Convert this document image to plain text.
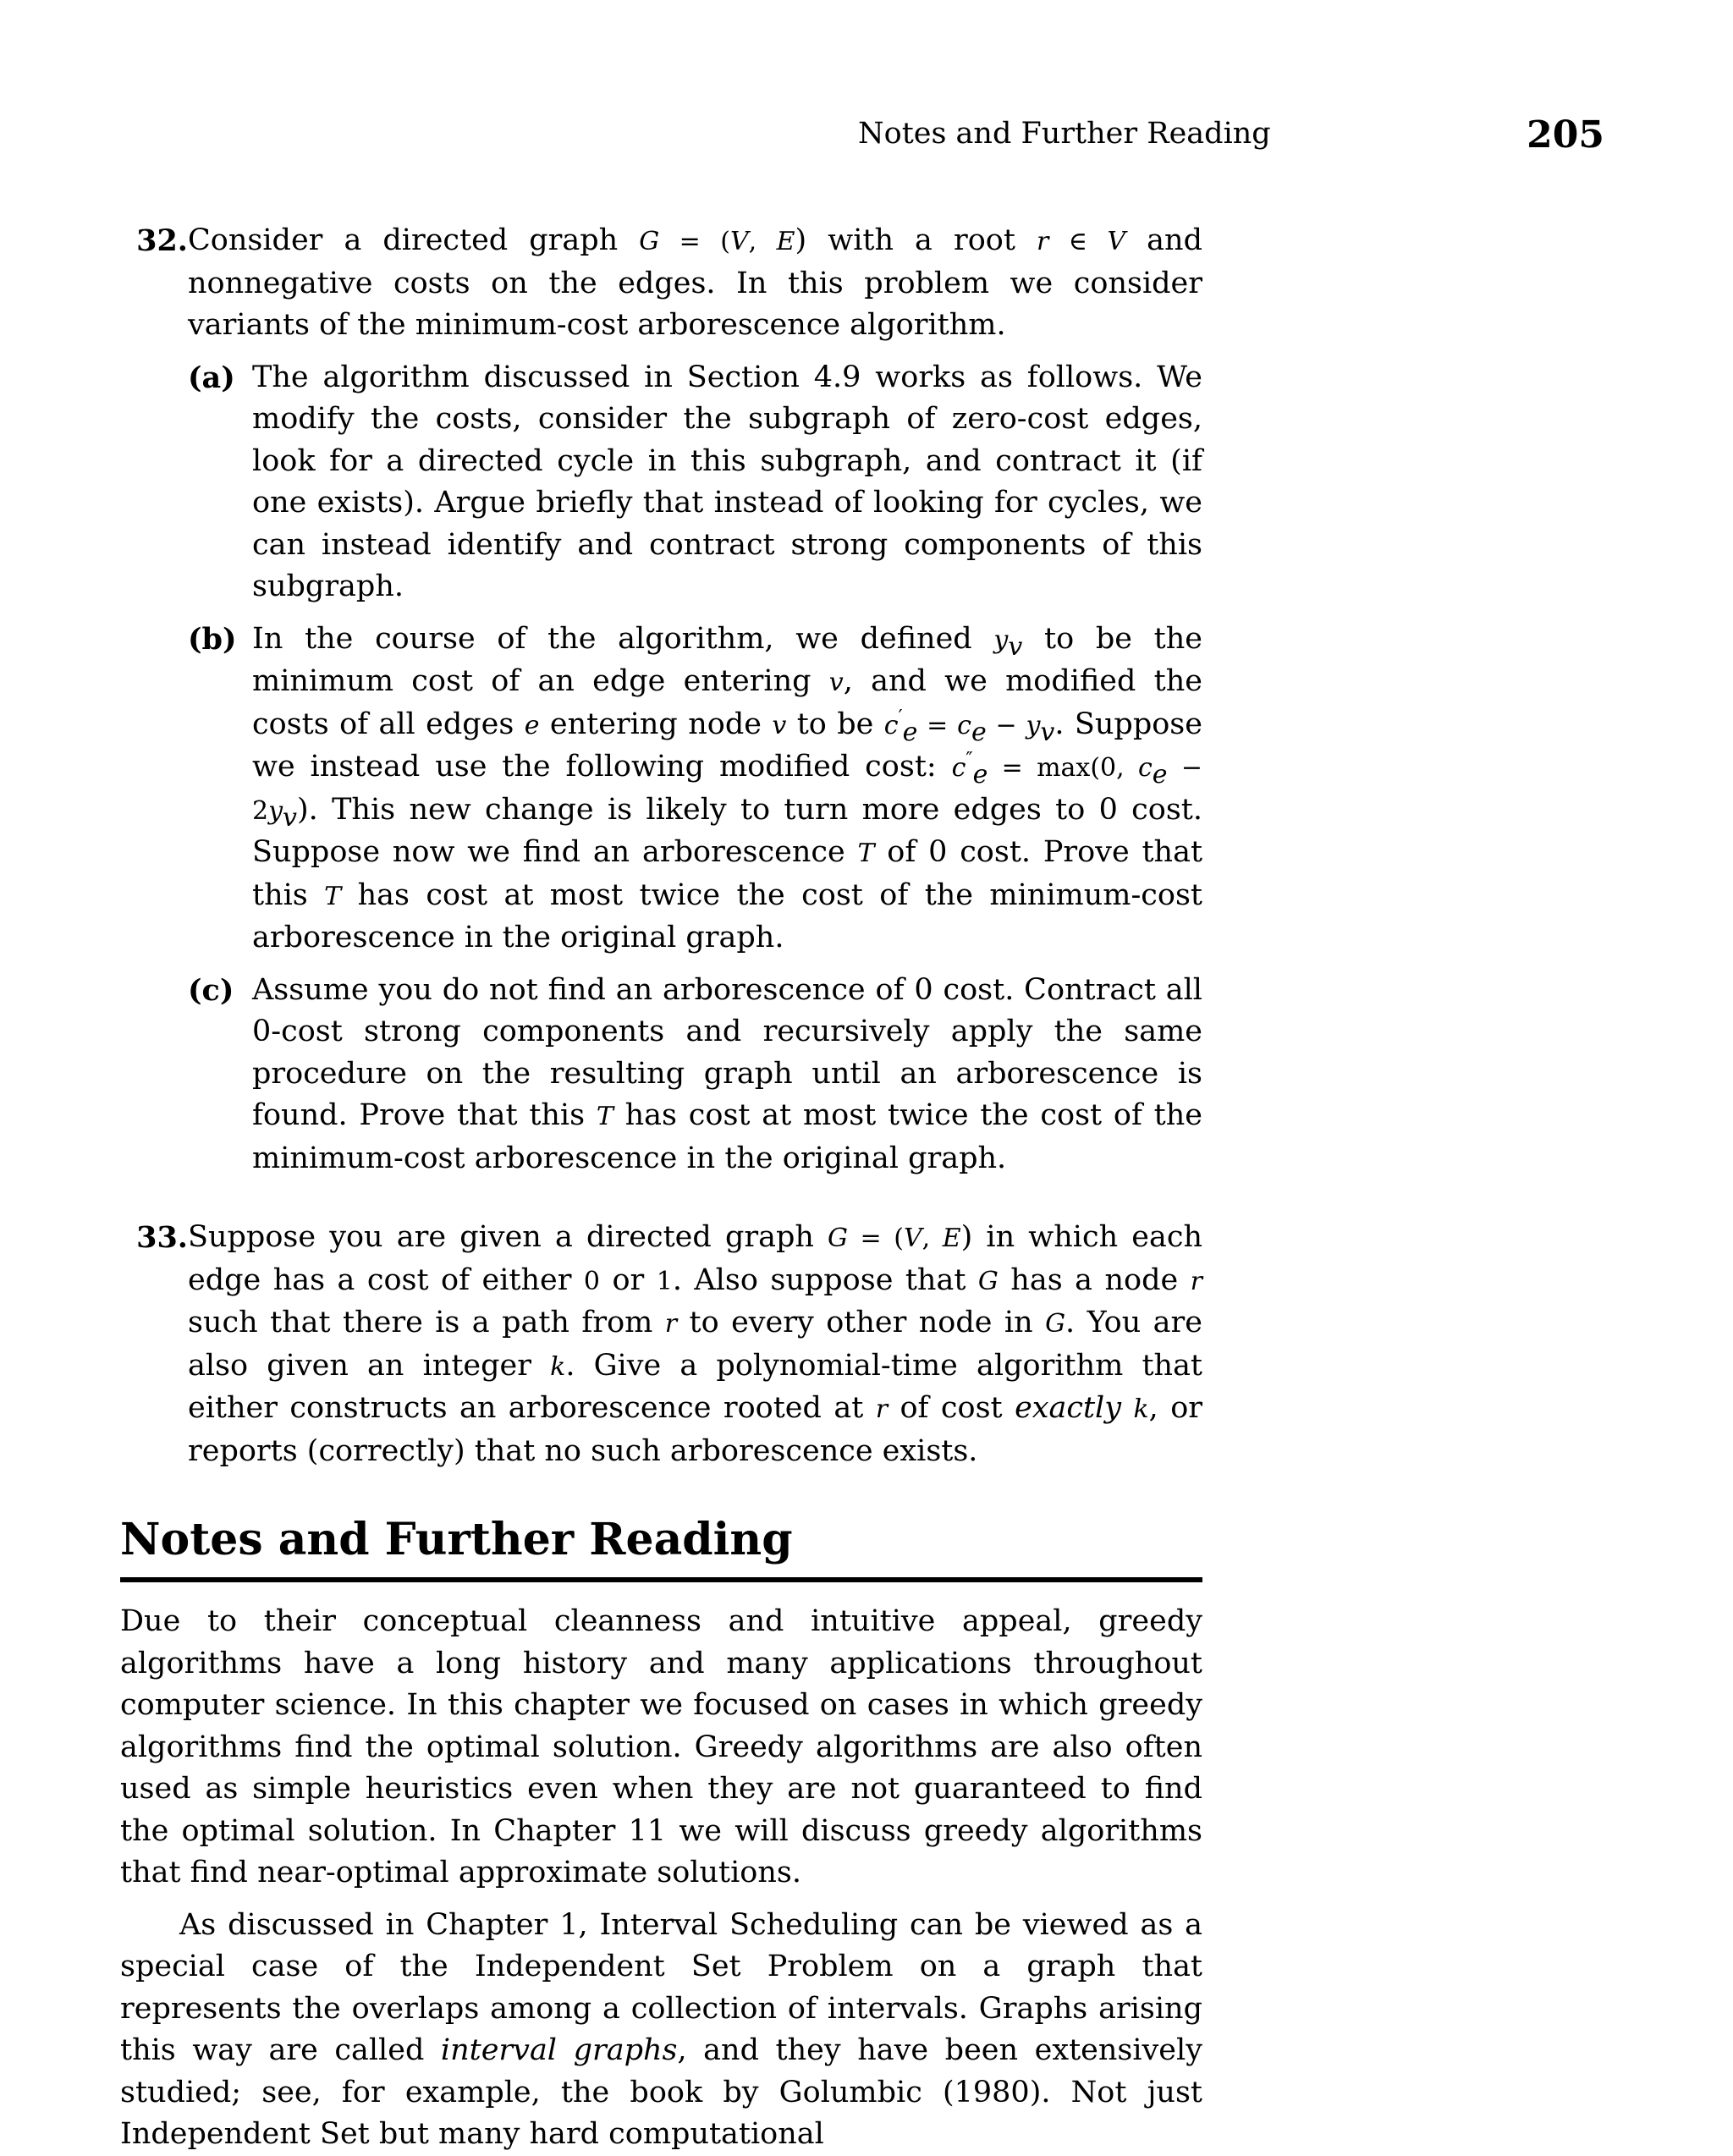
Notes and Further Reading	205
32. Consider a directed graph G = (V, E) with a root r ∈ V and nonnegative costs on the edges. In this problem we consider variants of the minimum-cost arborescence algorithm.

(a) The algorithm discussed in Section 4.9 works as follows. We modify the costs, consider the subgraph of zero-cost edges, look for a directed cycle in this subgraph, and contract it (if one exists). Argue briefly that instead of looking for cycles, we can instead identify and contract strong components of this subgraph.
(b) In the course of the algorithm, we defined $y_v$ to be the minimum cost of an edge entering v, and we modified the costs of all edges e entering node v to be $c'_e = c_e - y_v$. Suppose we instead use the following modified cost: $c''_e = \max(0$, $c_e - 2y_v$). This new change is likely to turn more edges to 0 cost. Suppose now we find an arborescence T of 0 cost. Prove that this T has cost at most twice the cost of the minimum-cost arborescence in the original graph.
(c) Assume you do not find an arborescence of 0 cost. Contract all 0-cost strong components and recursively apply the same procedure on the resulting graph until an arborescence is found. Prove that this T has cost at most twice the cost of the minimum-cost arborescence in the original graph.
33. Suppose you are given a directed graph G = (V, E) in which each edge has a cost of either 0 or 1. Also suppose that G has a node r such that there is a path from r to every other node in G. You are also given an integer k. Give a polynomial-time algorithm that either constructs an arborescence rooted at r of cost exactly k, or reports (correctly) that no such arborescence exists.
Notes and Further Reading

Due to their conceptual cleanness and intuitive appeal, greedy algorithms have a long history and many applications throughout computer science. In this chapter we focused on cases in which greedy algorithms find the optimal solution. Greedy algorithms are also often used as simple heuristics even when they are not guaranteed to find the optimal solution. In Chapter 11 we will discuss greedy algorithms that find near-optimal approximate solutions.

As discussed in Chapter 1, Interval Scheduling can be viewed as a special case of the Independent Set Problem on a graph that represents the overlaps among a collection of intervals. Graphs arising this way are called interval graphs, and they have been extensively studied; see, for example, the book by Golumbic (1980). Not just Independent Set but many hard computational
